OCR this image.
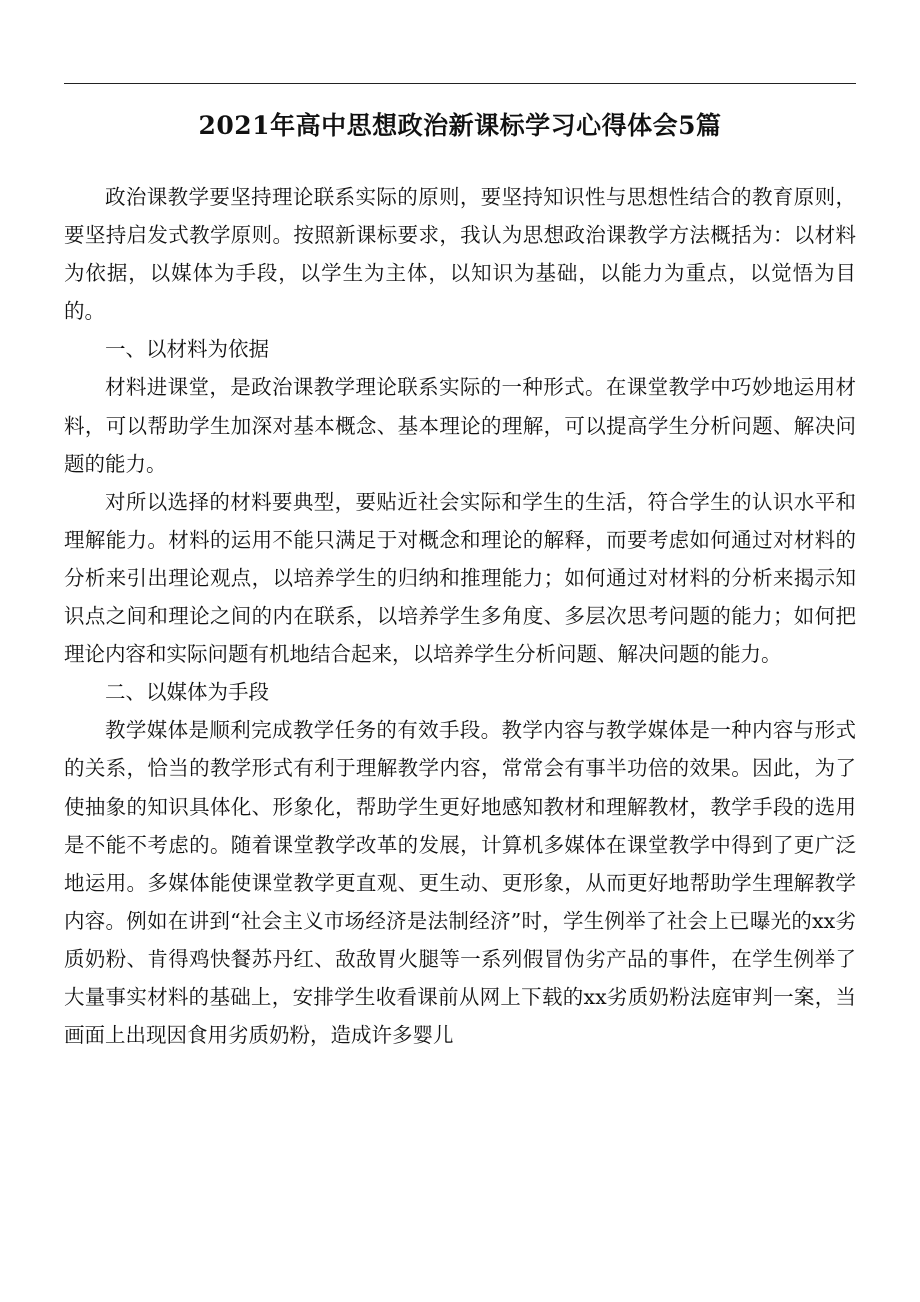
2021年高中思想政治新课标学习心得体会5篇

政治课教学要坚持理论联系实际的原则，要坚持知识性与思想性结合的教育原则，要坚持启发式教学原则。按照新课标要求，我认为思想政治课教学方法概括为：以材料为依据，以媒体为手段，以学生为主体，以知识为基础，以能力为重点，以觉悟为目的。

一、以材料为依据

材料进课堂，是政治课教学理论联系实际的一种形式。在课堂教学中巧妙地运用材料，可以帮助学生加深对基本概念、基本理论的理解，可以提高学生分析问题、解决问题的能力。

对所以选择的材料要典型，要贴近社会实际和学生的生活，符合学生的认识水平和理解能力。材料的运用不能只满足于对概念和理论的解释，而要考虑如何通过对材料的分析来引出理论观点，以培养学生的归纳和推理能力；如何通过对材料的分析来揭示知识点之间和理论之间的内在联系，以培养学生多角度、多层次思考问题的能力；如何把理论内容和实际问题有机地结合起来，以培养学生分析问题、解决问题的能力。

二、以媒体为手段

教学媒体是顺利完成教学任务的有效手段。教学内容与教学媒体是一种内容与形式的关系，恰当的教学形式有利于理解教学内容，常常会有事半功倍的效果。因此，为了使抽象的知识具体化、形象化，帮助学生更好地感知教材和理解教材，教学手段的选用是不能不考虑的。随着课堂教学改革的发展，计算机多媒体在课堂教学中得到了更广泛地运用。多媒体能使课堂教学更直观、更生动、更形象，从而更好地帮助学生理解教学内容。例如在讲到“社会主义市场经济是法制经济”时，学生例举了社会上已曝光的xx劣质奶粉、肯得鸡快餐苏丹红、敌敌胃火腿等一系列假冒伪劣产品的事件，在学生例举了大量事实材料的基础上，安排学生收看课前从网上下载的xx劣质奶粉法庭审判一案，当画面上出现因食用劣质奶粉，造成许多婴儿
